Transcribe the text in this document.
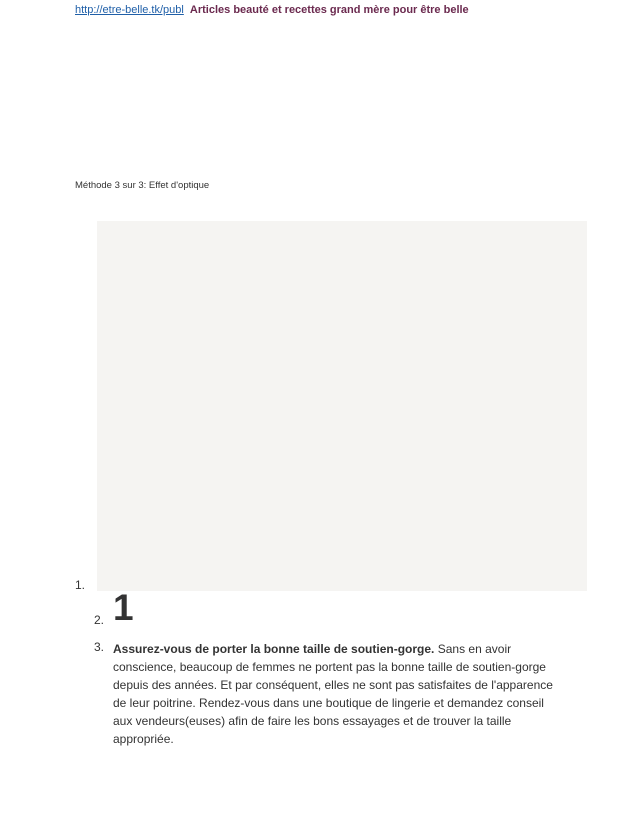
http://etre-belle.tk/publ Articles beauté et recettes grand mère pour être belle
Méthode 3 sur 3: Effet d'optique
1.
2.
3.
1
Assurez-vous de porter la bonne taille de soutien-gorge. Sans en avoir conscience, beaucoup de femmes ne portent pas la bonne taille de soutien-gorge depuis des années. Et par conséquent, elles ne sont pas satisfaites de l'apparence de leur poitrine. Rendez-vous dans une boutique de lingerie et demandez conseil aux vendeurs(euses) afin de faire les bons essayages et de trouver la taille appropriée.
